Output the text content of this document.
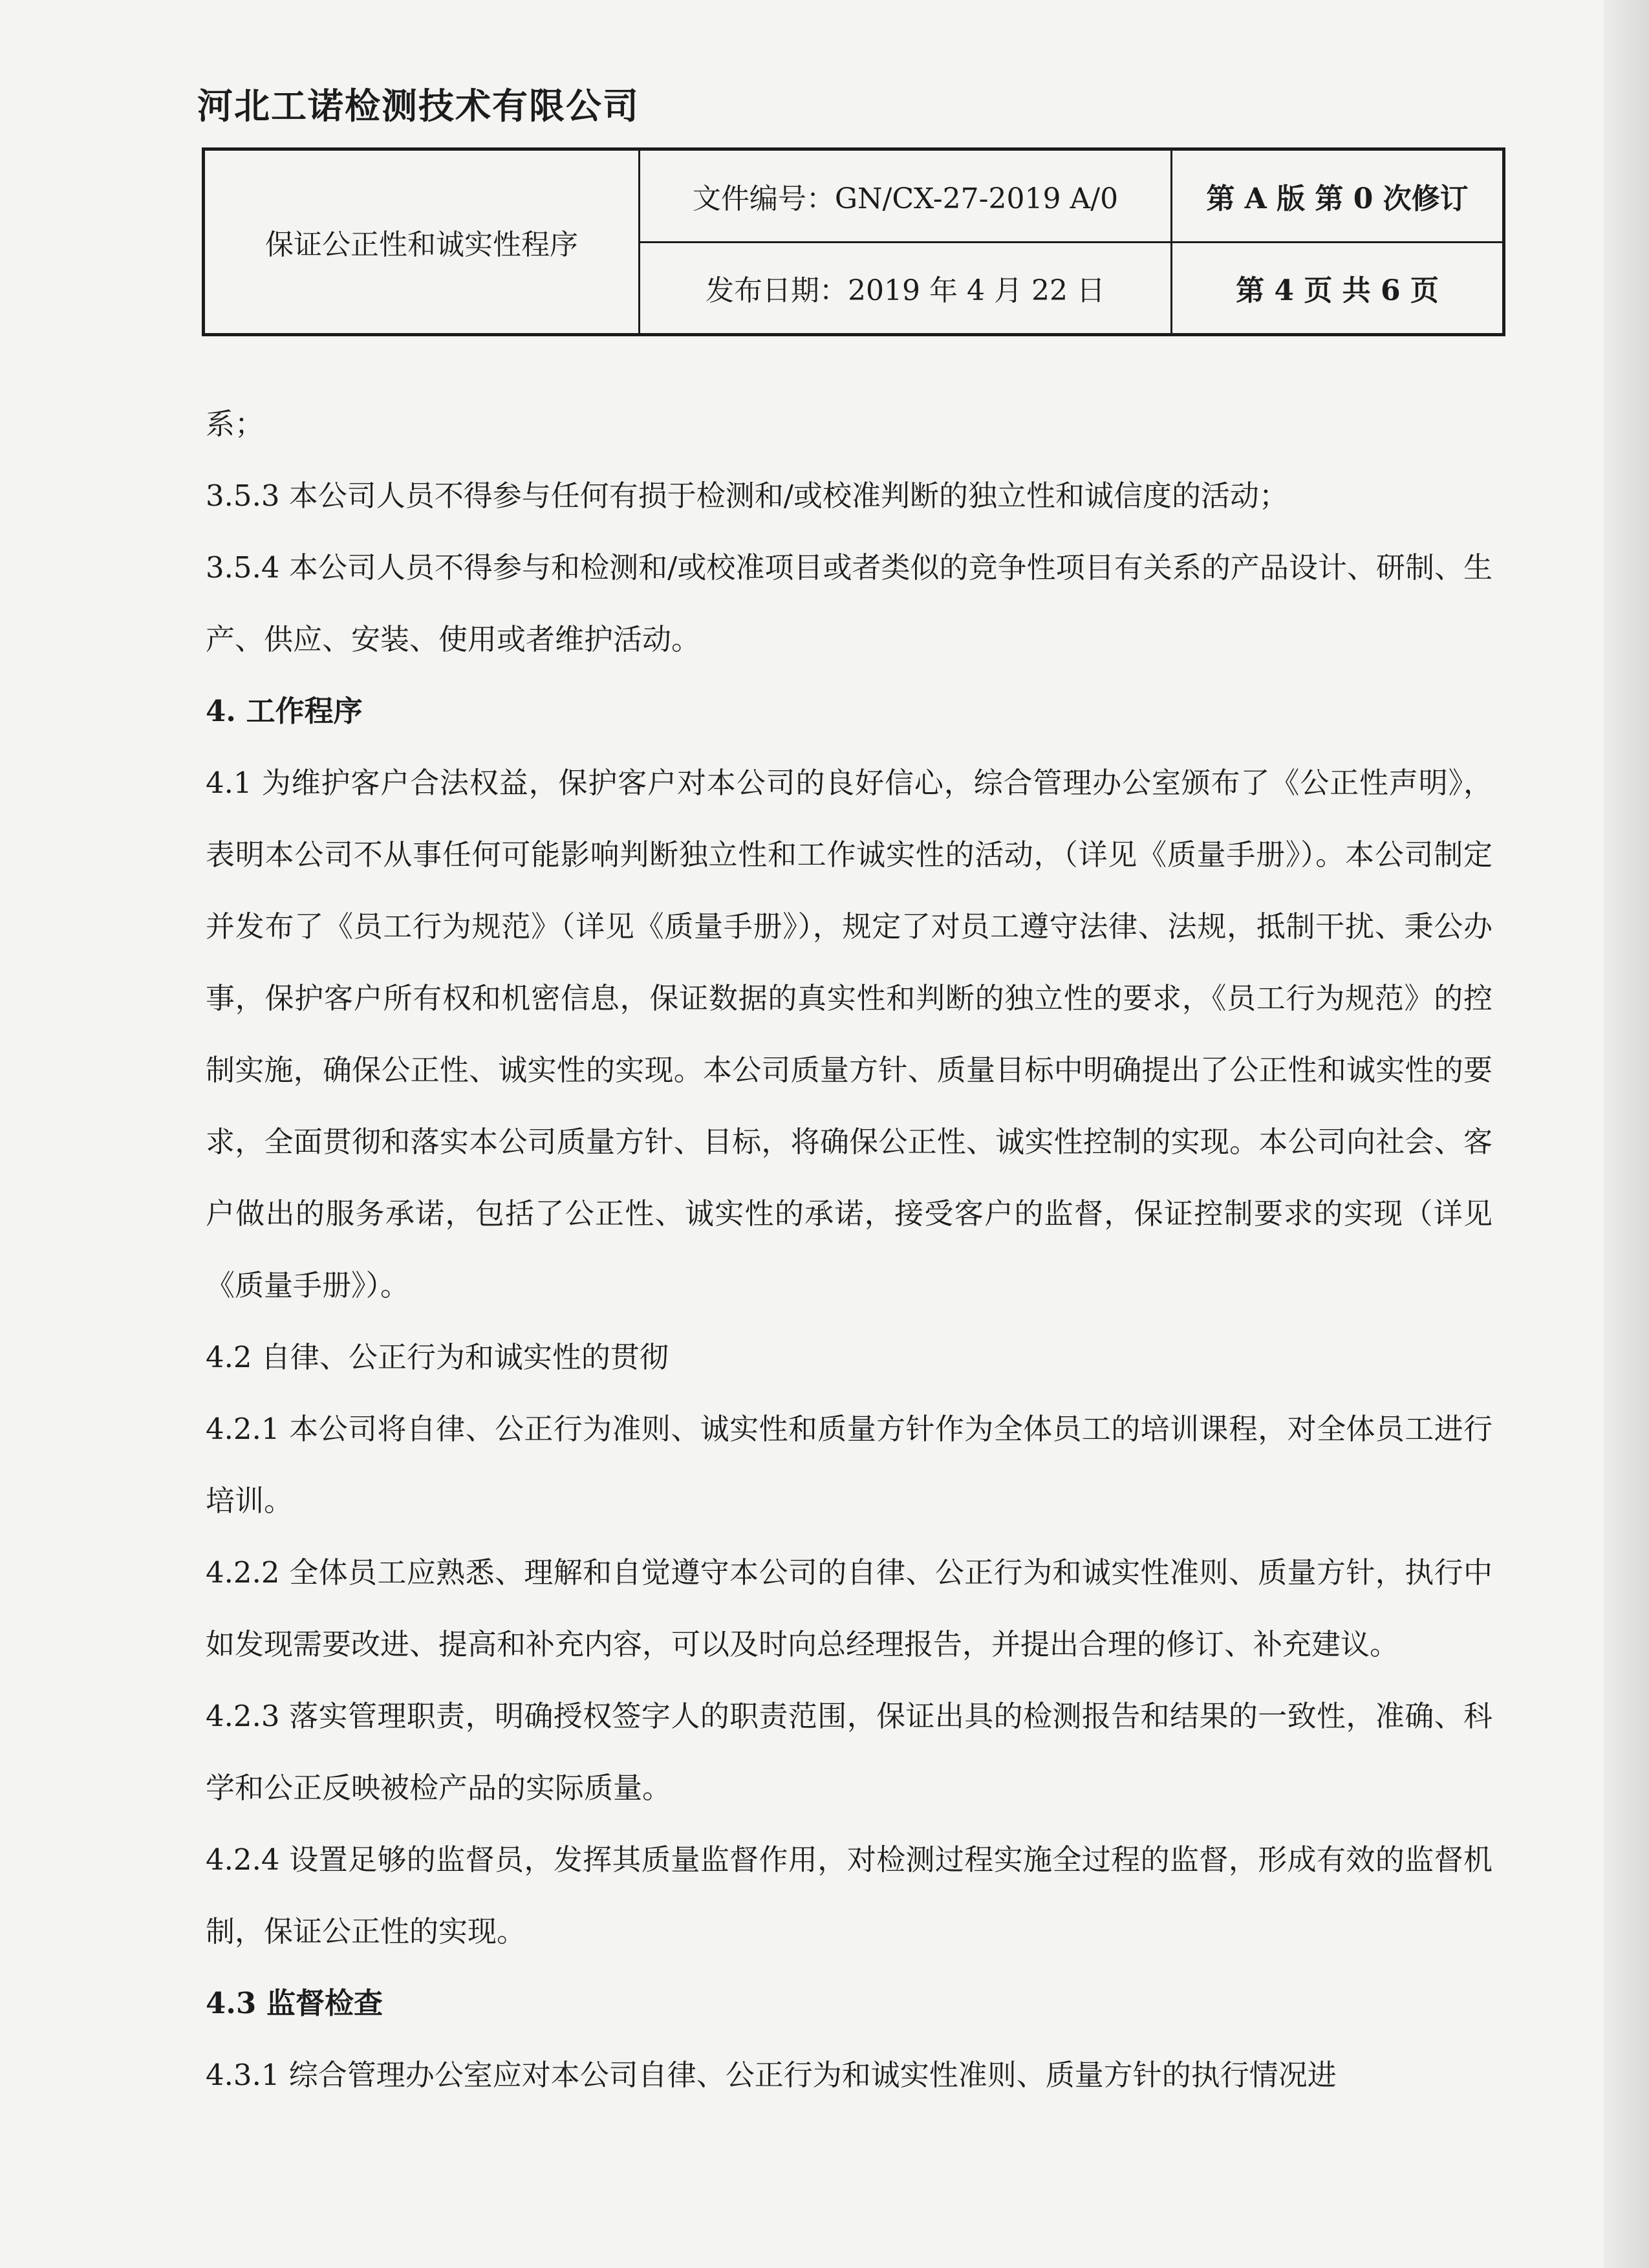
河北工诺检测技术有限公司
保证公正性和诚实性程序	文件编号：GN/CX-27-2019 A/0	第 A 版 第 0 次修订
	发布日期：2019 年 4 月 22 日	第 4 页 共 6 页

系；

3.5.3 本公司人员不得参与任何有损于检测和/或校准判断的独立性和诚信度的活动；

3.5.4 本公司人员不得参与和检测和/或校准项目或者类似的竞争性项目有关系的产品设计、研制、生产、供应、安装、使用或者维护活动。

4. 工作程序

4.1 为维护客户合法权益，保护客户对本公司的良好信心，综合管理办公室颁布了《公正性声明》，表明本公司不从事任何可能影响判断独立性和工作诚实性的活动，（详见《质量手册》）。本公司制定并发布了《员工行为规范》（详见《质量手册》），规定了对员工遵守法律、法规，抵制干扰、秉公办事，保护客户所有权和机密信息，保证数据的真实性和判断的独立性的要求，《员工行为规范》的控制实施，确保公正性、诚实性的实现。本公司质量方针、质量目标中明确提出了公正性和诚实性的要求，全面贯彻和落实本公司质量方针、目标，将确保公正性、诚实性控制的实现。本公司向社会、客户做出的服务承诺，包括了公正性、诚实性的承诺，接受客户的监督，保证控制要求的实现（详见《质量手册》）。

4.2 自律、公正行为和诚实性的贯彻

4.2.1 本公司将自律、公正行为准则、诚实性和质量方针作为全体员工的培训课程，对全体员工进行培训。

4.2.2 全体员工应熟悉、理解和自觉遵守本公司的自律、公正行为和诚实性准则、质量方针，执行中如发现需要改进、提高和补充内容，可以及时向总经理报告，并提出合理的修订、补充建议。

4.2.3 落实管理职责，明确授权签字人的职责范围，保证出具的检测报告和结果的一致性，准确、科学和公正反映被检产品的实际质量。

4.2.4 设置足够的监督员，发挥其质量监督作用，对检测过程实施全过程的监督，形成有效的监督机制，保证公正性的实现。

4.3 监督检查

4.3.1 综合管理办公室应对本公司自律、公正行为和诚实性准则、质量方针的执行情况进
